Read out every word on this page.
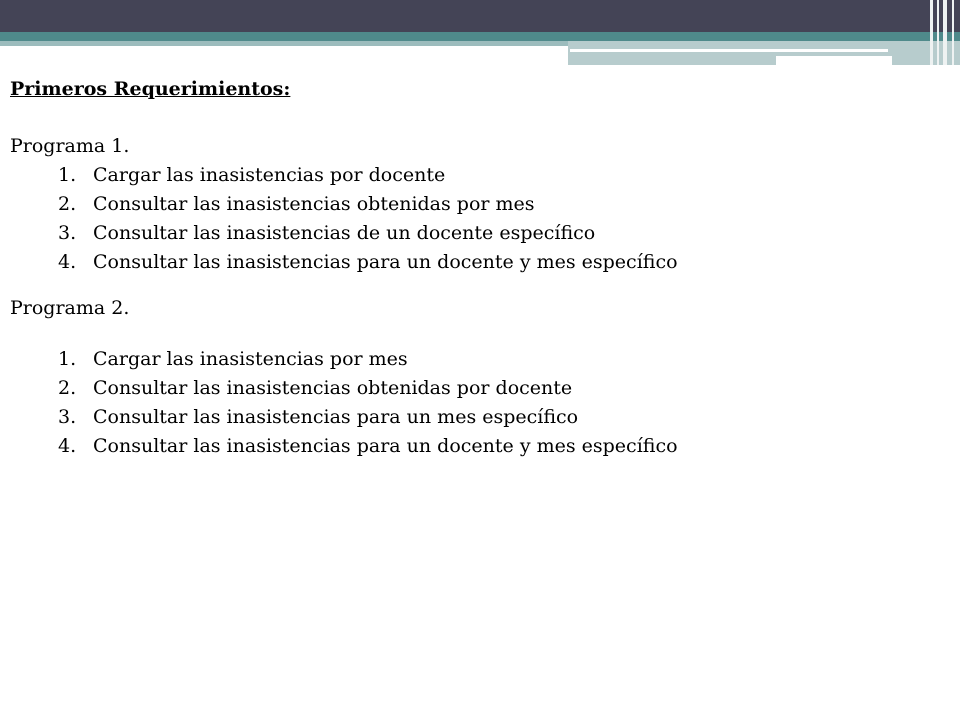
Primeros Requerimientos:
Programa 1.
1. Cargar las inasistencias por docente
2. Consultar las inasistencias obtenidas por mes
3. Consultar las inasistencias de un docente específico
4. Consultar las inasistencias para un docente y mes específico
Programa 2.
1. Cargar las inasistencias por mes
2. Consultar las inasistencias obtenidas por docente
3. Consultar las inasistencias para un mes específico
4. Consultar las inasistencias para un docente y mes específico
